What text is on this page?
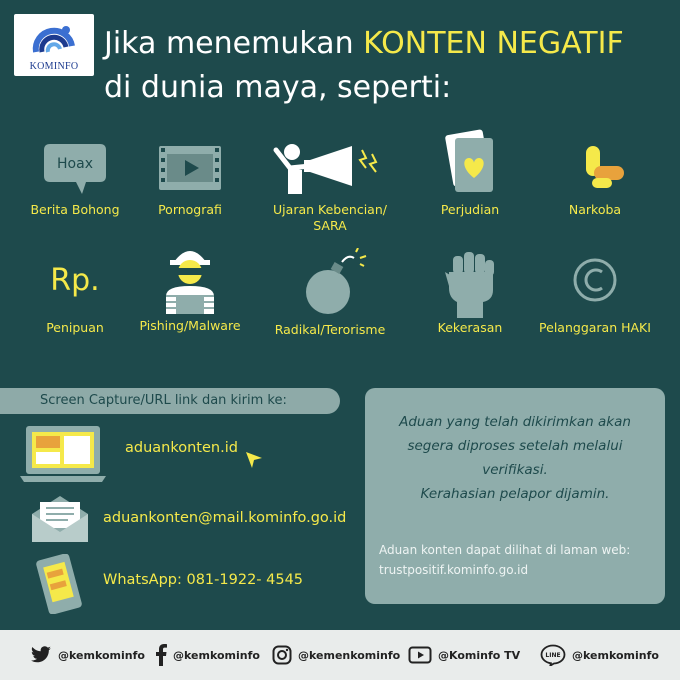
KOMINFO
Jika menemukan KONTEN NEGATIF
di dunia maya, seperti:
Hoax
Berita Bohong	Pornografi	Ujaran Kebencian/
SARA
Perjudian	Narkoba
Rp.
Penipuan	Pishing/Malware	Radikal/Terorisme	Kekerasan	Pelanggaran HAKI
Screen Capture/URL link dan kirim ke:
aduankonten.id
aduankonten@mail.kominfo.go.id
WhatsApp: 081-1922- 4545
Aduan yang telah dikirimkan akan
segera diproses setelah melalui
verifikasi.
Kerahasian pelapor dijamin.
Aduan konten dapat dilihat di laman web:
trustpositif.kominfo.go.id
@kemkominfo	@kemkominfo	@kemenkominfo	@Kominfo TV	LINE @kemkominfo
